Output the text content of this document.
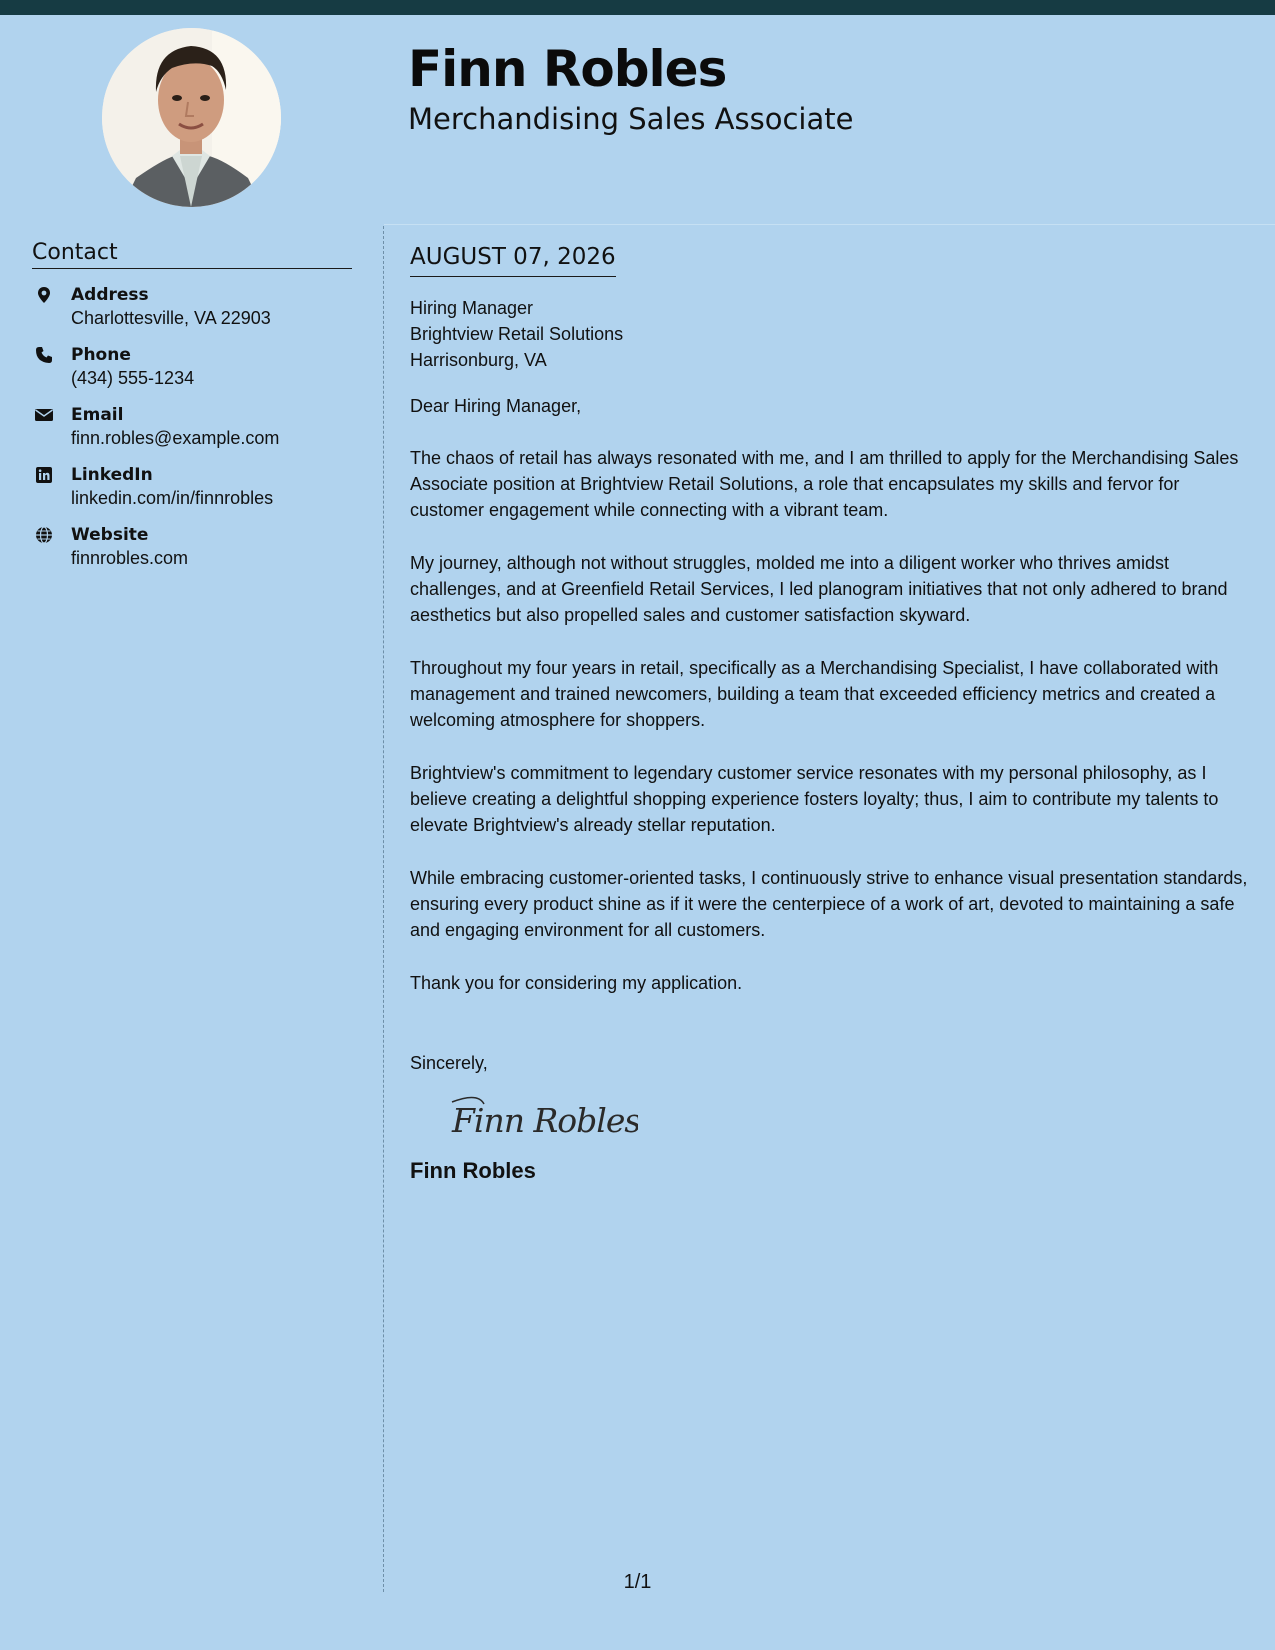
Finn Robles
Merchandising Sales Associate
Contact
Address
Charlottesville, VA 22903
Phone
(434) 555-1234
Email
finn.robles@example.com
LinkedIn
linkedin.com/in/finnrobles
Website
finnrobles.com
AUGUST 07, 2026
Hiring Manager
Brightview Retail Solutions
Harrisonburg, VA
Dear Hiring Manager,

The chaos of retail has always resonated with me, and I am thrilled to apply for the Merchandising Sales Associate position at Brightview Retail Solutions, a role that encapsulates my skills and fervor for customer engagement while connecting with a vibrant team.

My journey, although not without struggles, molded me into a diligent worker who thrives amidst challenges, and at Greenfield Retail Services, I led planogram initiatives that not only adhered to brand aesthetics but also propelled sales and customer satisfaction skyward.

Throughout my four years in retail, specifically as a Merchandising Specialist, I have collaborated with management and trained newcomers, building a team that exceeded efficiency metrics and created a welcoming atmosphere for shoppers.

Brightview's commitment to legendary customer service resonates with my personal philosophy, as I believe creating a delightful shopping experience fosters loyalty; thus, I aim to contribute my talents to elevate Brightview's already stellar reputation.

While embracing customer-oriented tasks, I continuously strive to enhance visual presentation standards, ensuring every product shine as if it were the centerpiece of a work of art, devoted to maintaining a safe and engaging environment for all customers.

Thank you for considering my application.
Sincerely,
Finn Robles
Finn Robles
1/1
